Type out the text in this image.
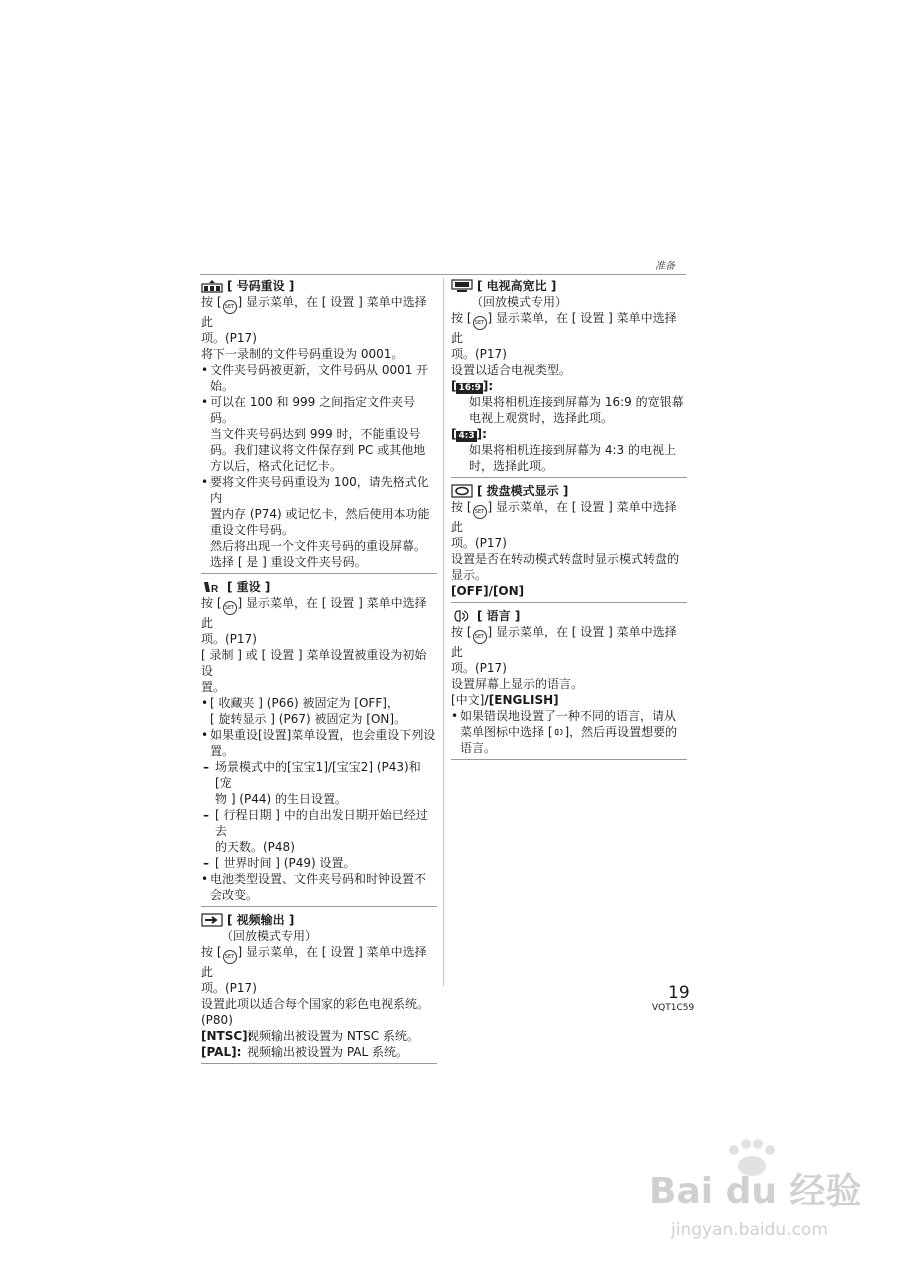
准备
[ 号码重设 ]

按 [ SET ] 显示菜单，在 [ 设置 ] 菜单中选择此

项。(P17)

将下一录制的文件号码重设为 0001。

• 文件夹号码被更新，文件号码从 0001 开

始。

• 可以在 100 和 999 之间指定文件夹号码。

当文件夹号码达到 999 时，不能重设号

码。我们建议将文件保存到 PC 或其他地

方以后，格式化记忆卡。

• 要将文件夹号码重设为 100，请先格式化内

置内存 (P74) 或记忆卡，然后使用本功能

重设文件号码。

然后将出现一个文件夹号码的重设屏幕。

选择 [ 是 ] 重设文件夹号码。

R [ 重设 ]

按 [ SET ] 显示菜单，在 [ 设置 ] 菜单中选择此

项。(P17)

[ 录制 ] 或 [ 设置 ] 菜单设置被重设为初始设

置。

• [ 收藏夹 ] (P66) 被固定为 [OFF]，

[ 旋转显示 ] (P67) 被固定为 [ON]。

• 如果重设[设置]菜单设置，也会重设下列设

置。

– 场景模式中的[宝宝1]/[宝宝2] (P43)和[宠

物 ] (P44) 的生日设置。

– [ 行程日期 ] 中的自出发日期开始已经过去

的天数。(P48)

– [ 世界时间 ] (P49) 设置。

• 电池类型设置、文件夹号码和时钟设置不

会改变。

[ 视频输出 ]

（回放模式专用）

按 [ SET ] 显示菜单，在 [ 设置 ] 菜单中选择此

项。(P17)

设置此项以适合每个国家的彩色电视系统。

(P80)

[NTSC]:
视频输出被设置为 NTSC 系统。
[PAL]: 视频输出被设置为 PAL 系统。
[ 电视高宽比 ]

（回放模式专用）

按 [ SET ] 显示菜单，在 [ 设置 ] 菜单中选择此

项。(P17)

设置以适合电视类型。

[ 16:9 ]:

如果将相机连接到屏幕为 16:9 的宽银幕

电视上观赏时，选择此项。

[ 4:3 ]:

如果将相机连接到屏幕为 4:3 的电视上

时，选择此项。

[ 拨盘模式显示 ]

按 [ SET ] 显示菜单，在 [ 设置 ] 菜单中选择此

项。(P17)

设置是否在转动模式转盘时显示模式转盘的

显示。

[OFF]/[ON]

[ 语言 ]

按 [ SET ] 显示菜单，在 [ 设置 ] 菜单中选择此

项。(P17)

设置屏幕上显示的语言。

[中文]/[ENGLISH]

• 如果错误地设置了一种不同的语言，请从

菜单图标中选择 [ ]，然后再设置想要的

语言。

19
VQT1C59
Bai du 经验
jingyan.baidu.com
